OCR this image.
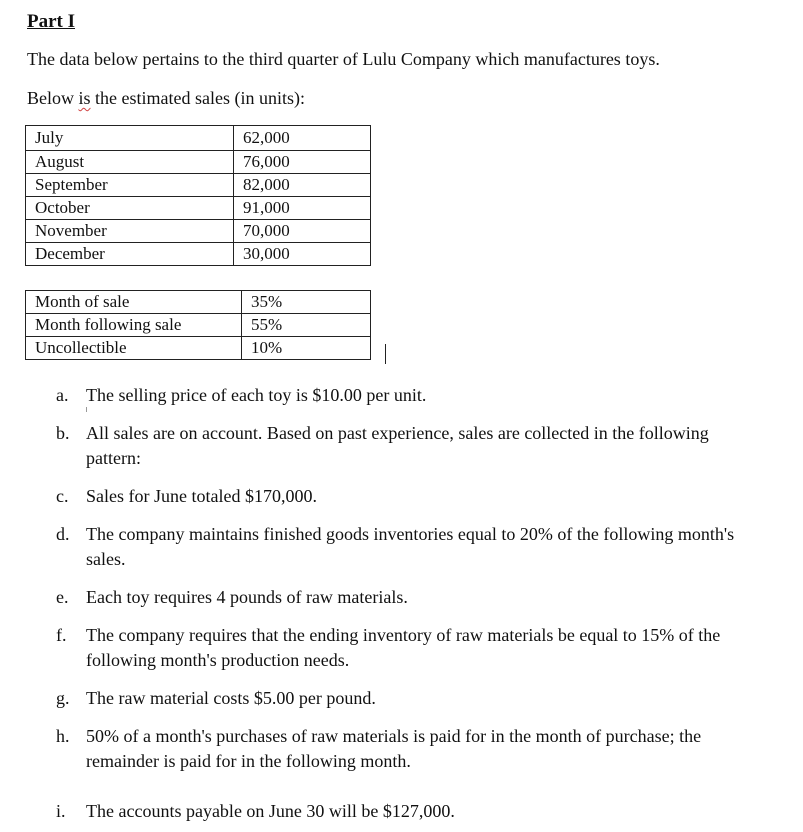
Part I
The data below pertains to the third quarter of Lulu Company which manufactures toys.
Below is the estimated sales (in units):
July	62,000
August	76,000
September	82,000
October	91,000
November	70,000
December	30,000
Month of sale	35%
Month following sale	55%
Uncollectible	10%
a. The selling price of each toy is $10.00 per unit.
b. All sales are on account. Based on past experience, sales are collected in the following pattern:
c. Sales for June totaled $170,000.
d. The company maintains finished goods inventories equal to 20% of the following month's sales.
e. Each toy requires 4 pounds of raw materials.
f. The company requires that the ending inventory of raw materials be equal to 15% of the following month's production needs.
g. The raw material costs $5.00 per pound.
h. 50% of a month's purchases of raw materials is paid for in the month of purchase; the remainder is paid for in the following month.
i. The accounts payable on June 30 will be $127,000.
